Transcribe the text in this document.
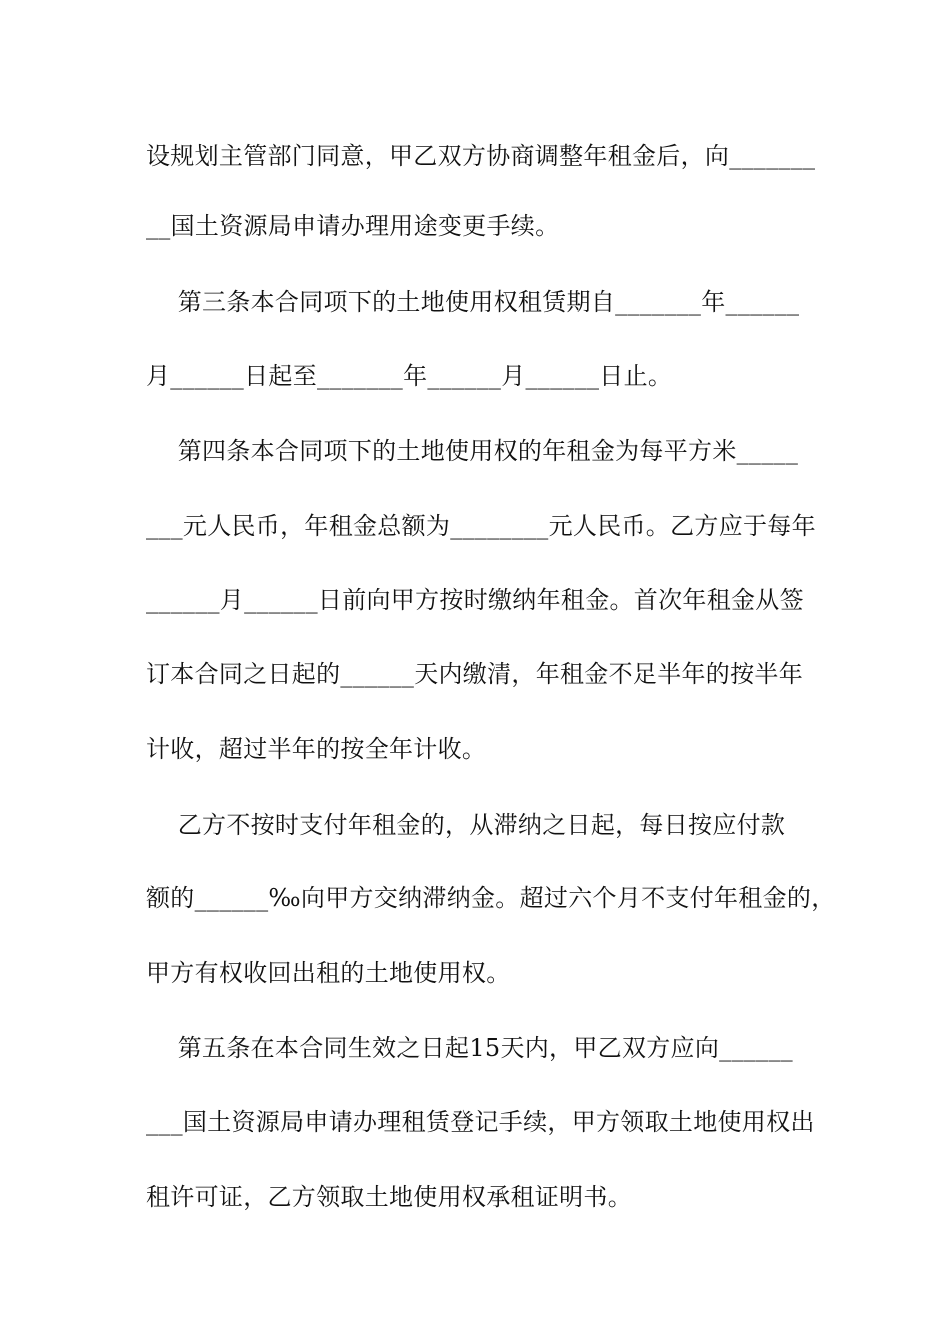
设规划主管部门同意，甲乙双方协商调整年租金后，向_______
__国土资源局申请办理用途变更手续。
第三条本合同项下的土地使用权租赁期自_______年______
月______日起至_______年______月______日止。
第四条本合同项下的土地使用权的年租金为每平方米_____
___元人民币，年租金总额为________元人民币。乙方应于每年
______月______日前向甲方按时缴纳年租金。首次年租金从签
订本合同之日起的______天内缴清，年租金不足半年的按半年
计收，超过半年的按全年计收。
乙方不按时支付年租金的，从滞纳之日起，每日按应付款
额的______‰向甲方交纳滞纳金。超过六个月不支付年租金的，
甲方有权收回出租的土地使用权。
第五条在本合同生效之日起15天内，甲乙双方应向______
___国土资源局申请办理租赁登记手续，甲方领取土地使用权出
租许可证，乙方领取土地使用权承租证明书。
